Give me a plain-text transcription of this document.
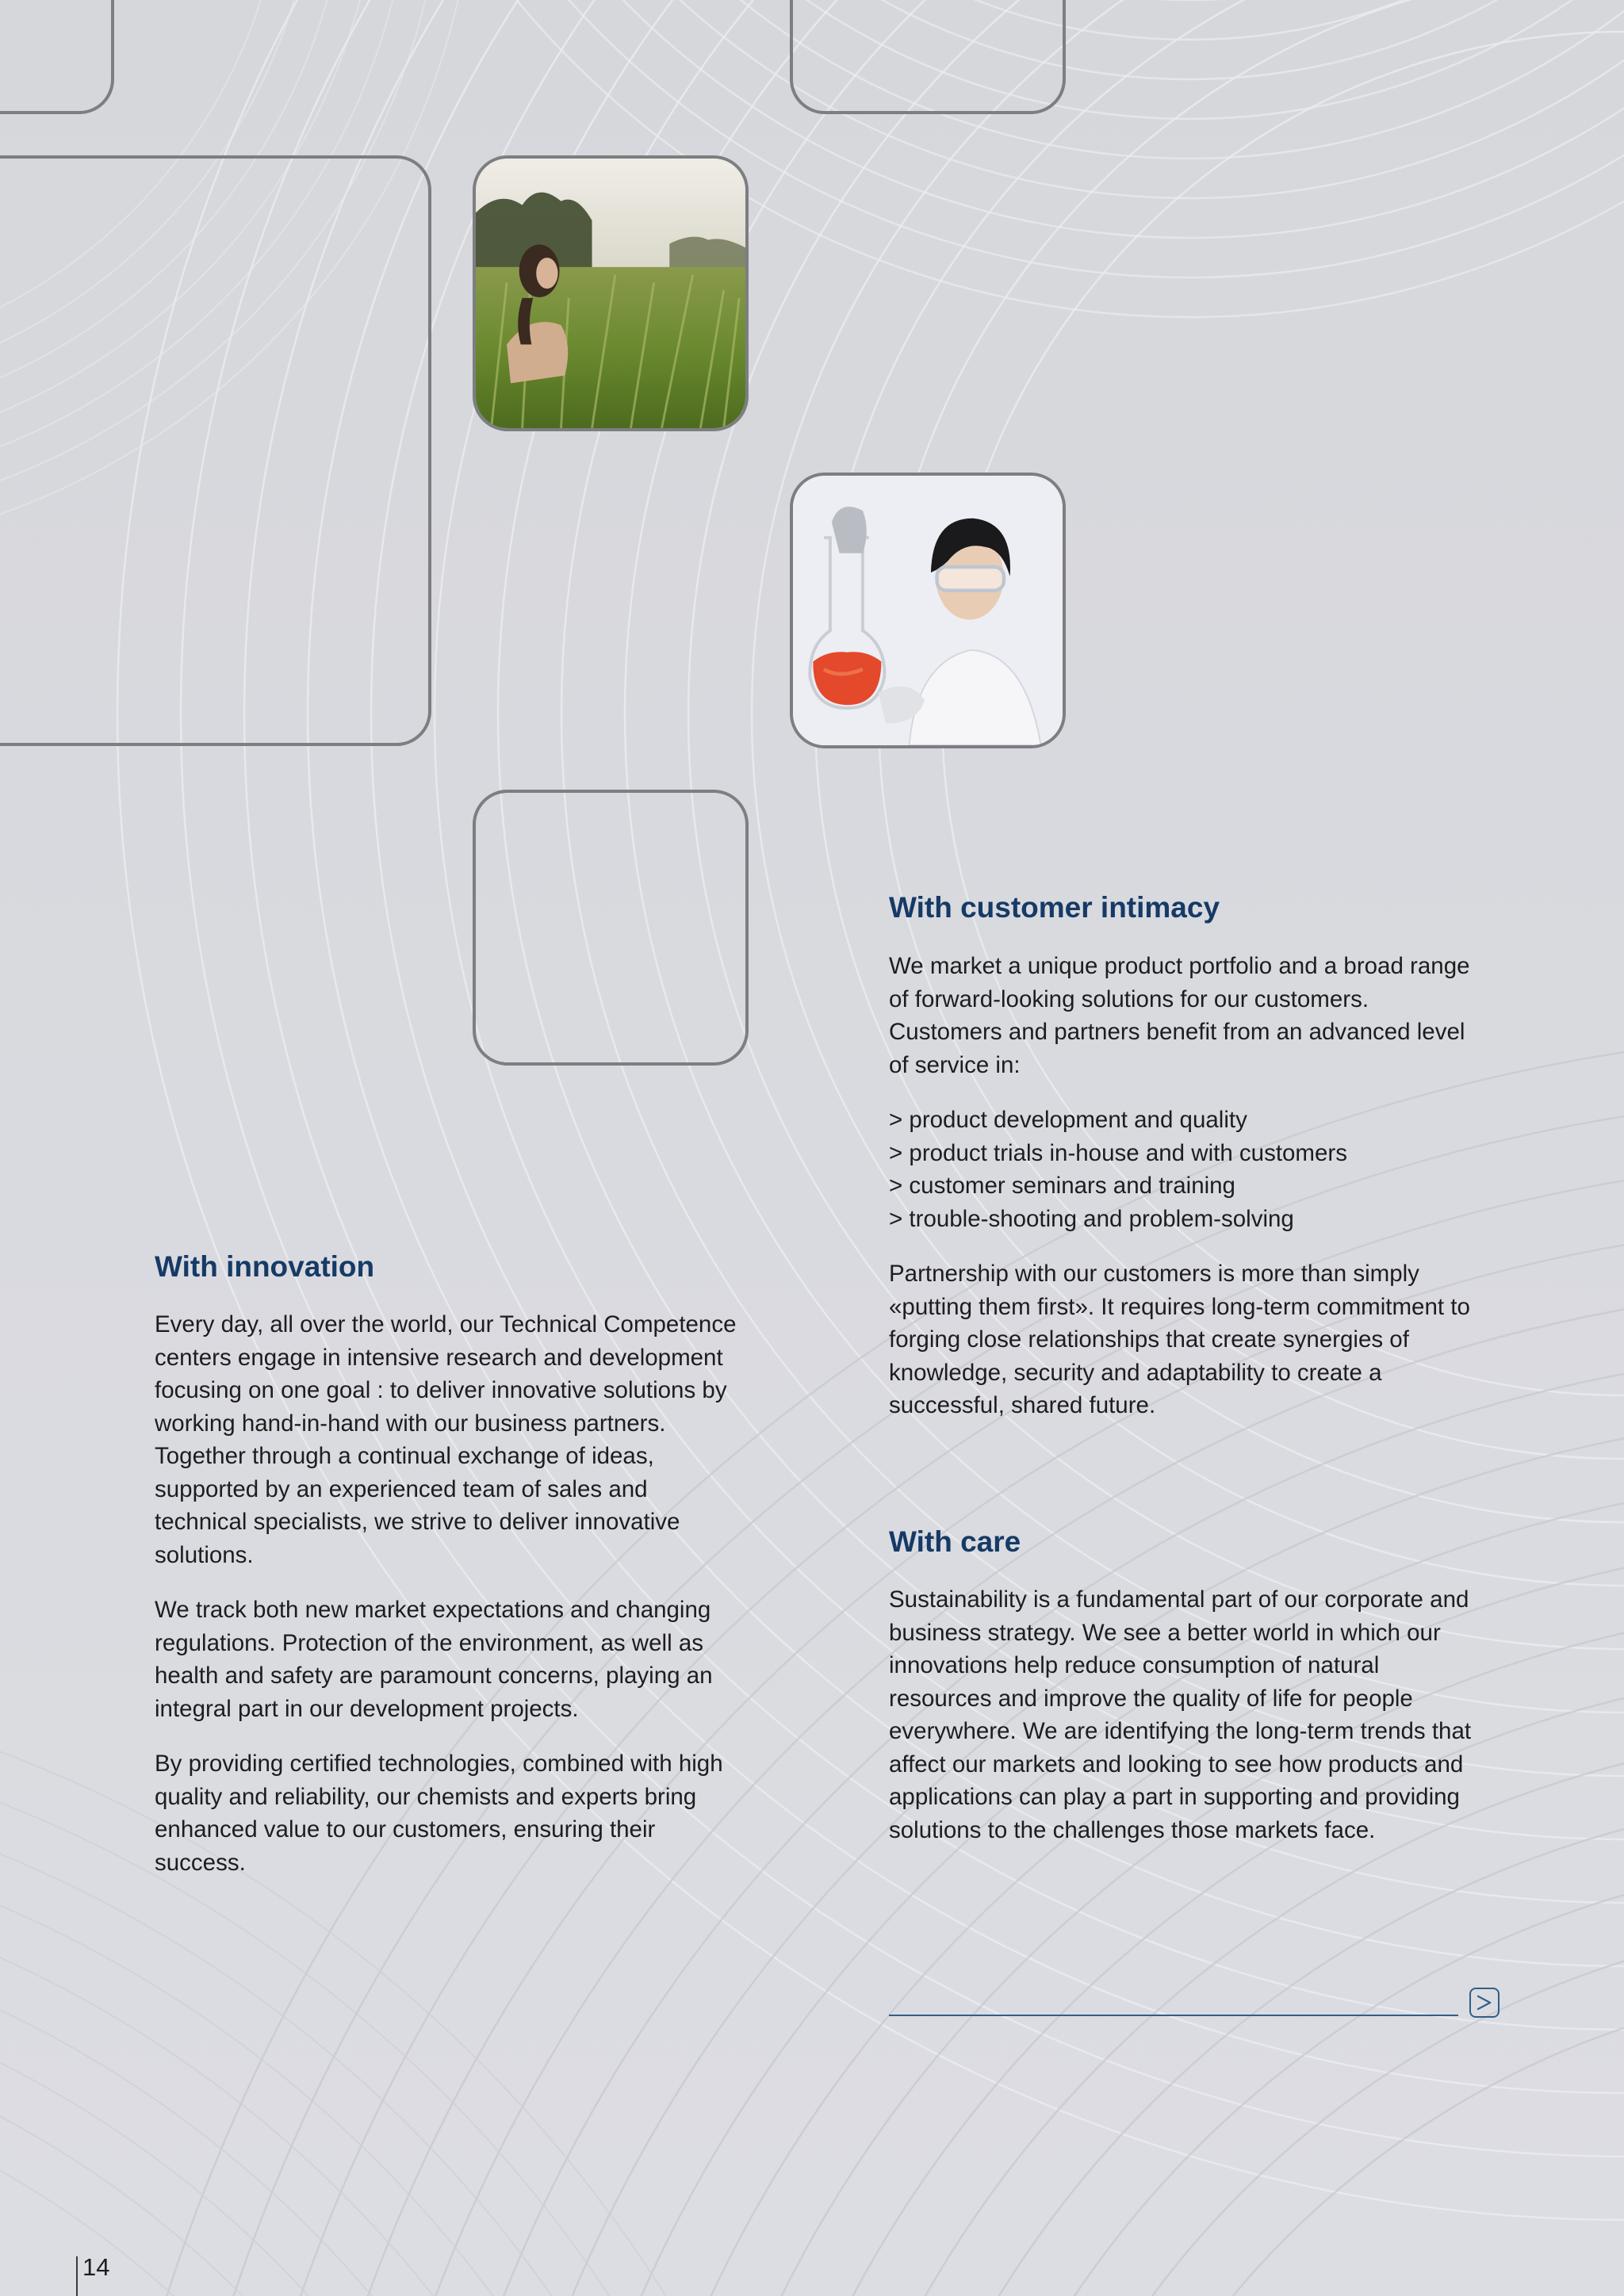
With customer intimacy

We market a unique product portfolio and a broad range of forward-looking solutions for our customers. Customers and partners benefit from an advanced level of service in:

> product development and quality
> product trials in-house and with customers
> customer seminars and training
> trouble-shooting and problem-solving

Partnership with our customers is more than simply «putting them first». It requires long-term commitment to forging close relationships that create synergies of knowledge, security and adaptability to create a successful, shared future.

With innovation

Every day, all over the world, our Technical Competence centers engage in intensive research and development focusing on one goal : to deliver innovative solutions by working hand-in-hand with our business partners. Together through a continual exchange of ideas, supported by an experienced team of sales and technical specialists, we strive to deliver innovative solutions.

We track both new market expectations and changing regulations. Protection of the environment, as well as health and safety are paramount concerns, playing an integral part in our development projects.

By providing certified technologies, combined with high quality and reliability, our chemists and experts bring enhanced value to our customers, ensuring their success.

With care

Sustainability is a fundamental part of our corporate and business strategy. We see a better world in which our innovations help reduce consumption of natural resources and improve the quality of life for people everywhere. We are identifying the long-term trends that affect our markets and looking to see how products and applications can play a part in supporting and providing solutions to the challenges those markets face.

14
